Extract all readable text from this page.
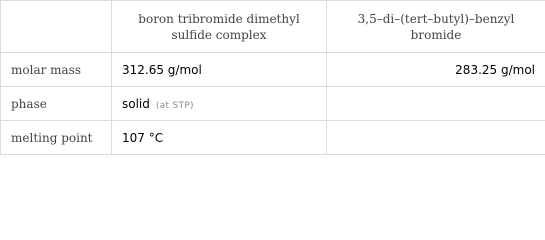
	boron tribromide dimethyl sulfide complex	3,5–di–(tert–butyl)–benzyl bromide
molar mass	312.65 g/mol	283.25 g/mol
phase	solid (at STP)	
melting point	107 °C	
